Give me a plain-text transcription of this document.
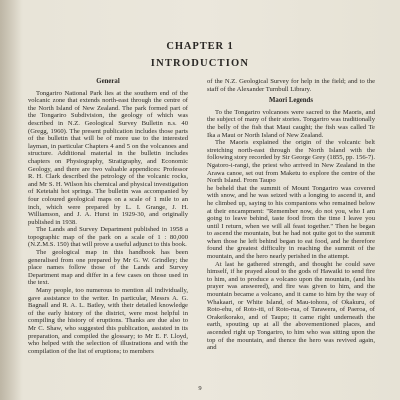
CHAPTER 1
INTRODUCTION
General

Tongariro National Park lies at the southern end of the volcanic zone that extends north-east through the centre of the North Island of New Zealand. The park formed part of the Tongariro Subdivision, the geology of which was described in N.Z. Geological Survey Bulletin n.s. 40 (Gregg, 1960). The present publication includes those parts of the bulletin that will be of more use to the interested layman, in particular Chapters 4 and 5 on the volcanoes and structure. Additional material in the bulletin includes chapters on Physiography, Stratigraphy, and Economic Geology, and there are two valuable appendices: Professor R. H. Clark described the petrology of the volcanic rocks, and Mr S. H. Wilson his chemical and physical investigation of Ketetahi hot springs. The bulletin was accompanied by four coloured geological maps on a scale of 1 mile to an inch, which were prepared by L. I. Grange, J. H. Williamson, and J. A. Hurst in 1929-30, and originally published in 1938.

The Lands and Survey Department published in 1958 a topographic map of the park on a scale of 1 : 80,000 (N.Z.M.S. 150) that will prove a useful adjunct to this book.

The geological map in this handbook has been generalised from one prepared by Mr G. W. Grindley; the place names follow those of the Lands and Survey Department map and differ in a few cases on those used in the text.

Many people, too numerous to mention all individually, gave assistance to the writer. In particular, Messrs A. G. Bagnall and R. A. L. Batley, with their detailed knowledge of the early history of the district, were most helpful in compiling the history of eruptions. Thanks are due also to Mr C. Shaw, who suggested this publication, assisted in its preparation, and compiled the glossary; to Mr E. F. Lloyd, who helped with the selection of illustrations and with the compilation of the list of eruptions; to members

of the N.Z. Geological Survey for help in the field; and to the staff of the Alexander Turnbull Library.

Maori Legends

To the Tongariro volcanoes were sacred to the Maoris, and the subject of many of their stories. Tongariro was traditionally the belly of the fish that Maui caught; the fish was called Te Ika a Maui or North Island of New Zealand.

The Maoris explained the origin of the volcanic belt stretching north-east through the North Island with the following story recorded by Sir George Grey (1855, pp. 156-7). Ngatoro-i-rangi, the priest who arrived in New Zealand in the Arawa canoe, set out from Maketu to explore the centre of the North Island. From Taupo

he beheld that the summit of Mount Tongariro was covered with snow, and he was seized with a longing to ascend it, and he climbed up, saying to his companions who remained below at their encampment: "Remember now, do not you, who I am going to leave behind, taste food from the time I leave you until I return, when we will all feast together." Then he began to ascend the mountain, but he had not quite got to the summit when those he left behind began to eat food, and he therefore found the greatest difficulty in reaching the summit of the mountain, and the hero nearly perished in the attempt.

At last he gathered strength, and thought he could save himself, if he prayed aloud to the gods of Hawaiki to send fire to him, and to produce a volcano upon the mountain, (and his prayer was answered), and fire was given to him, and the mountain became a volcano, and it came to him by the way of Whakaari, or White Island, of Mau-tohora, of Okakuru, of Roto-ehu, of Roto-iti, of Roto-rua, of Tarawera, of Paeroa, of Orakeikorako, and of Taupo; it came right underneath the earth, spouting up at all the abovementioned places, and ascended right up Tongariro, to him who was sitting upon the top of the mountain, and thence the hero was revived again, and

9
